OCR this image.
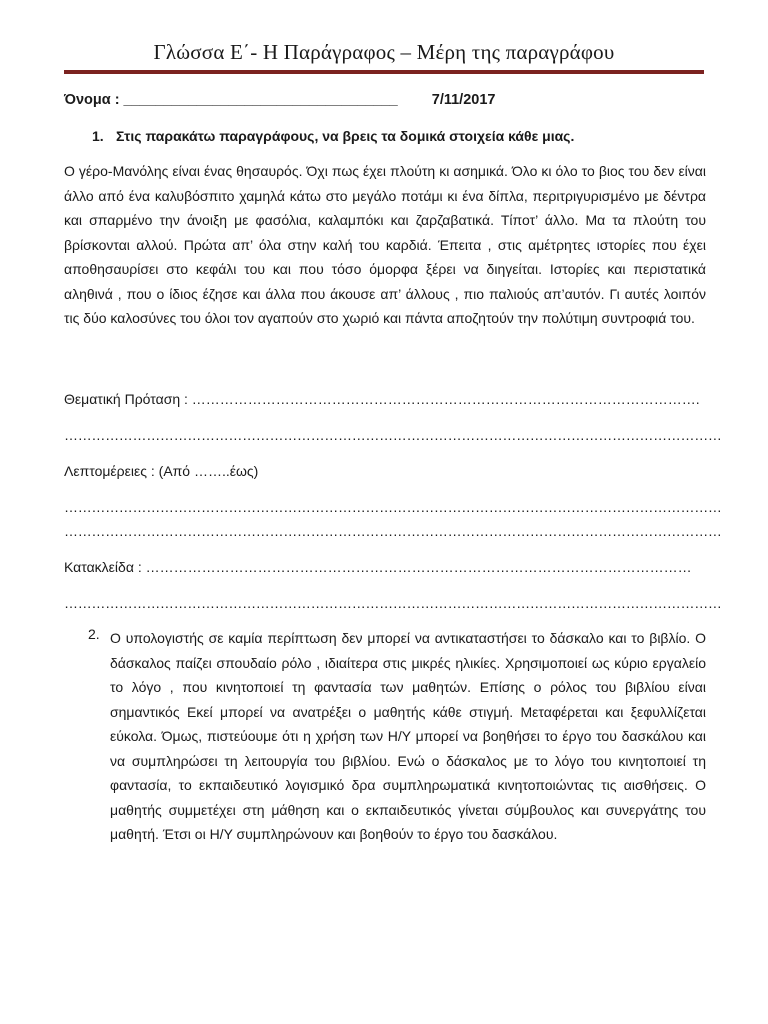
Γλώσσα Ε΄- Η Παράγραφος – Μέρη της παραγράφου
Όνομα : __________________________________ 7/11/2017
1. Στις παρακάτω παραγράφους, να βρεις τα δομικά στοιχεία κάθε μιας.
Ο γέρο-Μανόλης είναι ένας θησαυρός. Όχι πως έχει πλούτη κι ασημικά. Όλο κι όλο το βιος του δεν είναι άλλο από ένα καλυβόσπιτο χαμηλά κάτω στο μεγάλο ποτάμι κι ένα δίπλα, περιτριγυρισμένο με δέντρα και σπαρμένο την άνοιξη με φασόλια, καλαμπόκι και ζαρζαβατικά. Τίποτ’ άλλο. Μα τα πλούτη του βρίσκονται αλλού. Πρώτα απ’ όλα στην καλή του καρδιά. Έπειτα , στις αμέτρητες ιστορίες που έχει αποθησαυρίσει στο κεφάλι του και που τόσο όμορφα ξέρει να διηγείται. Ιστορίες και περιστατικά αληθινά , που ο ίδιος έζησε και άλλα που άκουσε απ’ άλλους , πιο παλιούς απ’αυτόν. Γι αυτές λοιπόν τις δύο καλοσύνες του όλοι τον αγαπούν στο χωριό και πάντα αποζητούν την πολύτιμη συντροφιά του.
Θεματική Πρόταση : ……………………………………………………………………………………………….
………………………………………………………………………………………………………………………………
Λεπτομέρειες : (Από ……..έως)
………………………………………………………………………………………………………………………………
………………………………………………………………………………………………………………………………
Κατακλείδα : ………………………………………………………………………………………………………
………………………………………………………………………………………………………………………………
2. Ο υπολογιστής σε καμία περίπτωση δεν μπορεί να αντικαταστήσει το δάσκαλο και το βιβλίο. Ο δάσκαλος παίζει σπουδαίο ρόλο , ιδιαίτερα στις μικρές ηλικίες. Χρησιμοποιεί ως κύριο εργαλείο το λόγο , που κινητοποιεί τη φαντασία των μαθητών. Επίσης ο ρόλος του βιβλίου είναι σημαντικός Εκεί μπορεί να ανατρέξει ο μαθητής κάθε στιγμή. Μεταφέρεται και ξεφυλλίζεται εύκολα. Όμως, πιστεύουμε ότι η χρήση των Η/Υ μπορεί να βοηθήσει το έργο του δασκάλου και να συμπληρώσει τη λειτουργία του βιβλίου. Ενώ ο δάσκαλος με το λόγο του κινητοποιεί τη φαντασία, το εκπαιδευτικό λογισμικό δρα συμπληρωματικά κινητοποιώντας τις αισθήσεις. Ο μαθητής συμμετέχει στη μάθηση και ο εκπαιδευτικός γίνεται σύμβουλος και συνεργάτης του μαθητή. Έτσι οι Η/Υ συμπληρώνουν και βοηθούν το έργο του δασκάλου.
